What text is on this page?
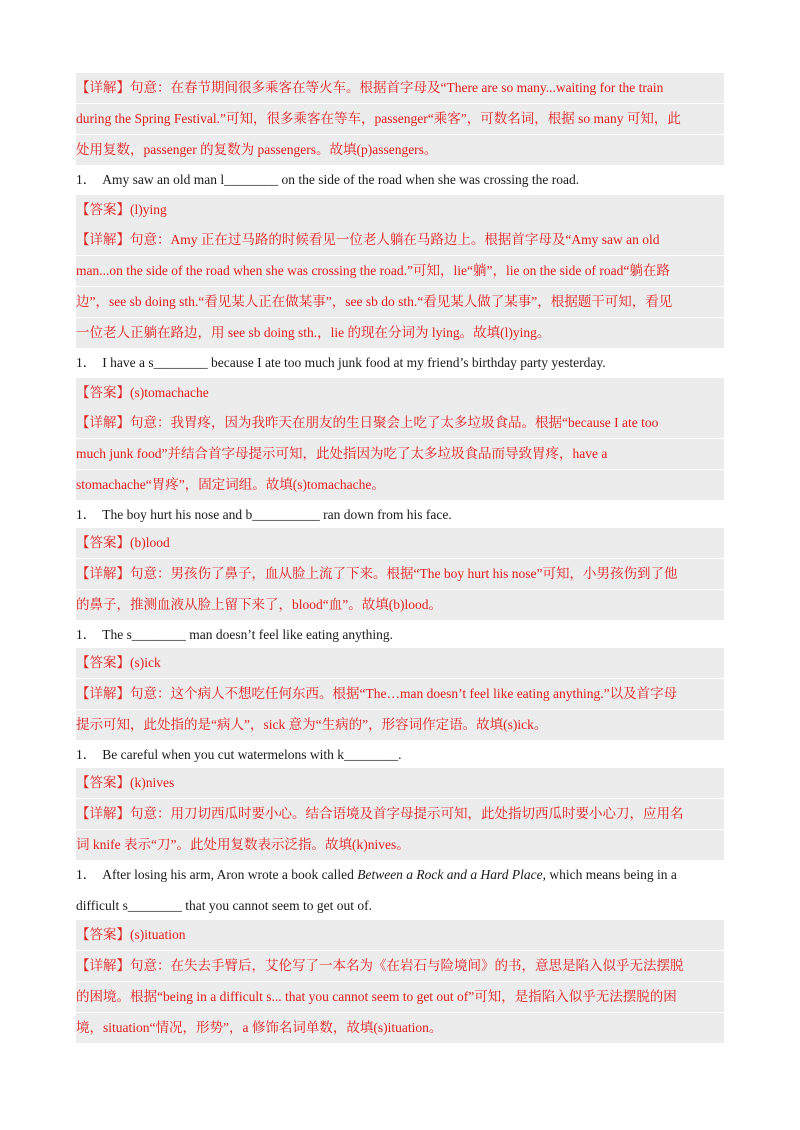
【详解】句意：在春节期间很多乘客在等火车。根据首字母及“There are so many...waiting for the train
during the Spring Festival.”可知，很多乘客在等车，passenger“乘客”，可数名词，根据 so many 可知，此
处用复数，passenger 的复数为 passengers。故填(p)assengers。
1． Amy saw an old man l________ on the side of the road when she was crossing the road.
【答案】(l)ying
【详解】句意：Amy 正在过马路的时候看见一位老人躺在马路边上。根据首字母及“Amy saw an old
man...on the side of the road when she was crossing the road.”可知，lie“躺”，lie on the side of road“躺在路
边”，see sb doing sth.“看见某人正在做某事”，see sb do sth.“看见某人做了某事”，根据题干可知，看见
一位老人正躺在路边，用 see sb doing sth.，lie 的现在分词为 lying。故填(l)ying。
1． I have a s________ because I ate too much junk food at my friend’s birthday party yesterday.
【答案】(s)tomachache
【详解】句意：我胃疼，因为我昨天在朋友的生日聚会上吃了太多垃圾食品。根据“because I ate too
much junk food”并结合首字母提示可知，此处指因为吃了太多垃圾食品而导致胃疼，have a
stomachache“胃疼”，固定词组。故填(s)tomachache。
1． The boy hurt his nose and b__________ ran down from his face.
【答案】(b)lood
【详解】句意：男孩伤了鼻子，血从脸上流了下来。根据“The boy hurt his nose”可知，小男孩伤到了他
的鼻子，推测血液从脸上留下来了，blood“血”。故填(b)lood。
1． The s________ man doesn’t feel like eating anything.
【答案】(s)ick
【详解】句意：这个病人不想吃任何东西。根据“The…man doesn’t feel like eating anything.”以及首字母
提示可知，此处指的是“病人”，sick 意为“生病的”，形容词作定语。故填(s)ick。
1． Be careful when you cut watermelons with k________.
【答案】(k)nives
【详解】句意：用刀切西瓜时要小心。结合语境及首字母提示可知，此处指切西瓜时要小心刀，应用名
词 knife 表示“刀”。此处用复数表示泛指。故填(k)nives。
1． After losing his arm, Aron wrote a book called Between a Rock and a Hard Place, which means being in a
difficult s________ that you cannot seem to get out of.
【答案】(s)ituation
【详解】句意：在失去手臂后，艾伦写了一本名为《在岩石与险境间》的书，意思是陷入似乎无法摆脱
的困境。根据“being in a difficult s... that you cannot seem to get out of”可知，是指陷入似乎无法摆脱的困
境，situation“情况，形势”，a 修饰名词单数，故填(s)ituation。
